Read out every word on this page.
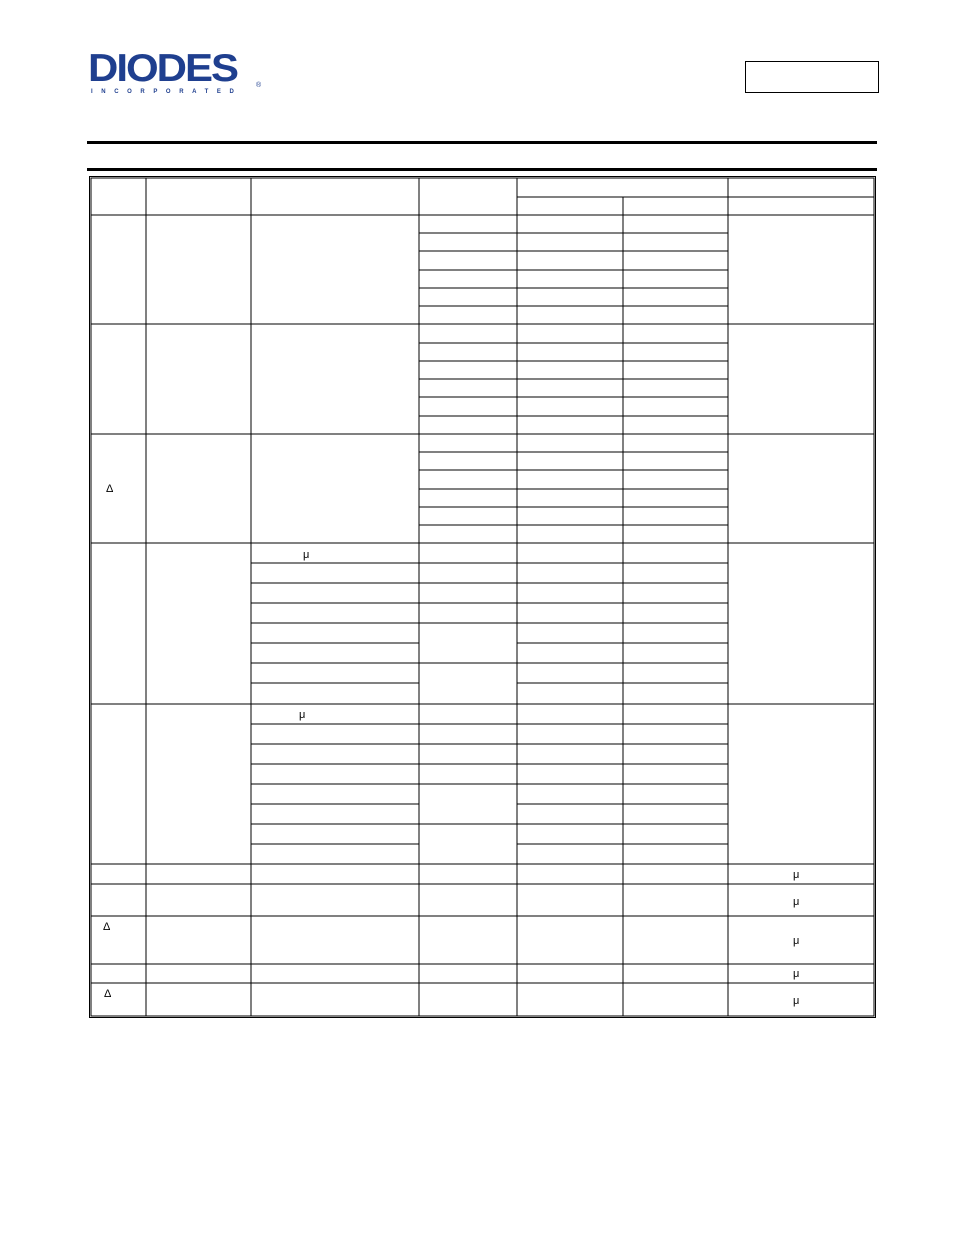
DIODES
INCORPORATED
®
Δ
μ
μ
Δ
Δ
μ
μ
μ
μ
μ
